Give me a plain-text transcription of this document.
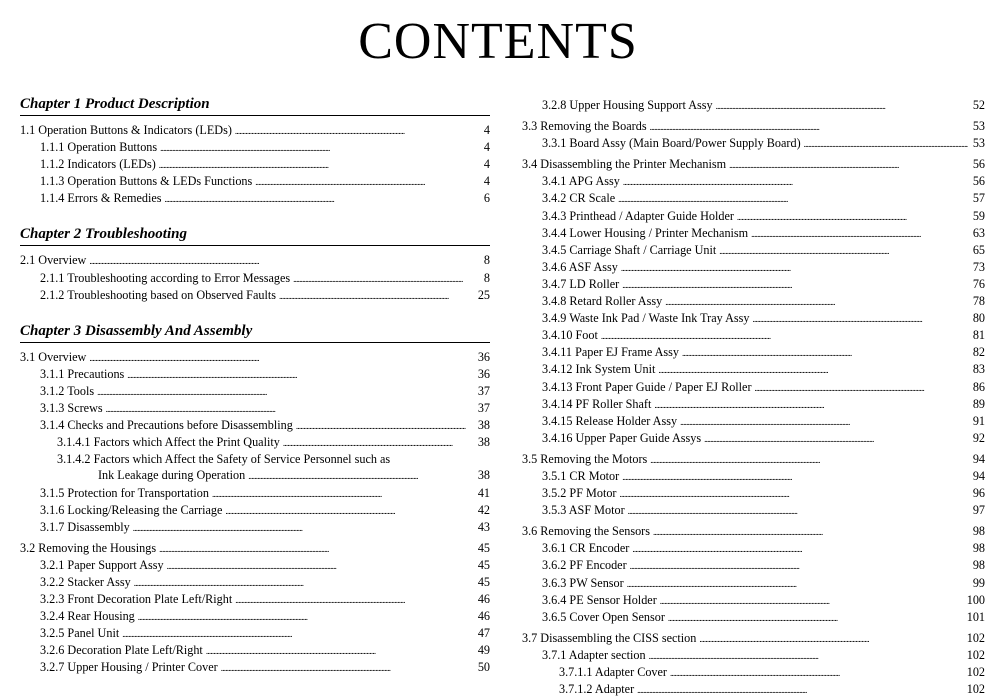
CONTENTS
Chapter 1 Product Description
1.1 Operation Buttons & Indicators (LEDs) . . .	4
1.1.1 Operation Buttons . . .	4
1.1.2 Indicators (LEDs) . . .	4
1.1.3 Operation Buttons & LEDs Functions . . .	4
1.1.4 Errors & Remedies . . .	6
Chapter 2 Troubleshooting
2.1 Overview . . .	8
2.1.1 Troubleshooting according to Error Messages . . .	8
2.1.2 Troubleshooting based on Observed Faults . . .	25
Chapter 3 Disassembly And Assembly
3.1 Overview . . .	36
3.1.1 Precautions . . .	36
3.1.2 Tools . . .	37
3.1.3 Screws . . .	37
3.1.4 Checks and Precautions before Disassembling . . .	38
3.1.4.1 Factors which Affect the Print Quality . . .	38
3.1.4.2 Factors which Affect the Safety of Service Personnel such as
Ink Leakage during Operation . . .	38
3.1.5 Protection for Transportation . . .	41
3.1.6 Locking/Releasing the Carriage . . .	42
3.1.7 Disassembly . . .	43
3.2 Removing the Housings . . .	45
3.2.1 Paper Support Assy . . .	45
3.2.2 Stacker Assy . . .	45
3.2.3 Front Decoration Plate Left/Right . . .	46
3.2.4 Rear Housing . . .	46
3.2.5 Panel Unit . . .	47
3.2.6 Decoration Plate Left/Right . . .	49
3.2.7 Upper Housing / Printer Cover . . .	50
3.2.8 Upper Housing Support Assy . . .	52
3.3 Removing the Boards . . .	53
3.3.1 Board Assy (Main Board/Power Supply Board) . . .	53
3.4 Disassembling the Printer Mechanism . . .	56
3.4.1 APG Assy . . .	56
3.4.2 CR Scale . . .	57
3.4.3 Printhead / Adapter Guide Holder . . .	59
3.4.4 Lower Housing / Printer Mechanism . . .	63
3.4.5 Carriage Shaft / Carriage Unit . . .	65
3.4.6 ASF Assy . . .	73
3.4.7 LD Roller . . .	76
3.4.8 Retard Roller Assy . . .	78
3.4.9 Waste Ink Pad / Waste Ink Tray Assy . . .	80
3.4.10 Foot . . .	81
3.4.11 Paper EJ Frame Assy . . .	82
3.4.12 Ink System Unit . . .	83
3.4.13 Front Paper Guide / Paper EJ Roller . . .	86
3.4.14 PF Roller Shaft . . .	89
3.4.15 Release Holder Assy . . .	91
3.4.16 Upper Paper Guide Assys . . .	92
3.5 Removing the Motors . . .	94
3.5.1 CR Motor . . .	94
3.5.2 PF Motor . . .	96
3.5.3 ASF Motor . . .	97
3.6 Removing the Sensors . . .	98
3.6.1 CR Encoder . . .	98
3.6.2 PF Encoder . . .	98
3.6.3 PW Sensor . . .	99
3.6.4 PE Sensor Holder . . .	100
3.6.5 Cover Open Sensor . . .	101
3.7 Disassembling the CISS section . . .	102
3.7.1 Adapter section . . .	102
3.7.1.1 Adapter Cover . . .	102
3.7.1.2 Adapter . . .	102
